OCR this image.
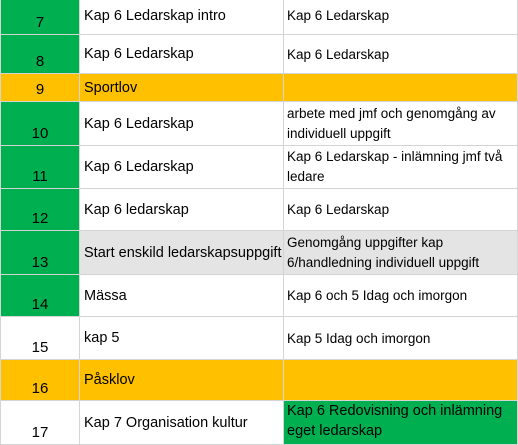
7	Kap 6 Ledarskap intro	Kap 6 Ledarskap
8	Kap 6 Ledarskap	Kap 6 Ledarskap
9	Sportlov	
10	Kap 6 Ledarskap	arbete med jmf och genomgång av individuell uppgift
11	Kap 6 Ledarskap	Kap 6 Ledarskap - inlämning jmf två ledare
12	Kap 6 ledarskap	Kap 6 Ledarskap
13	Start enskild ledarskapsuppgift	Genomgång uppgifter kap 6/handledning individuell uppgift
14	Mässa	Kap 6 och 5 Idag och imorgon
15	kap 5	Kap 5 Idag och imorgon
16	Påsklov	
17	Kap 7 Organisation kultur	Kap 6 Redovisning och inlämning eget ledarskap
